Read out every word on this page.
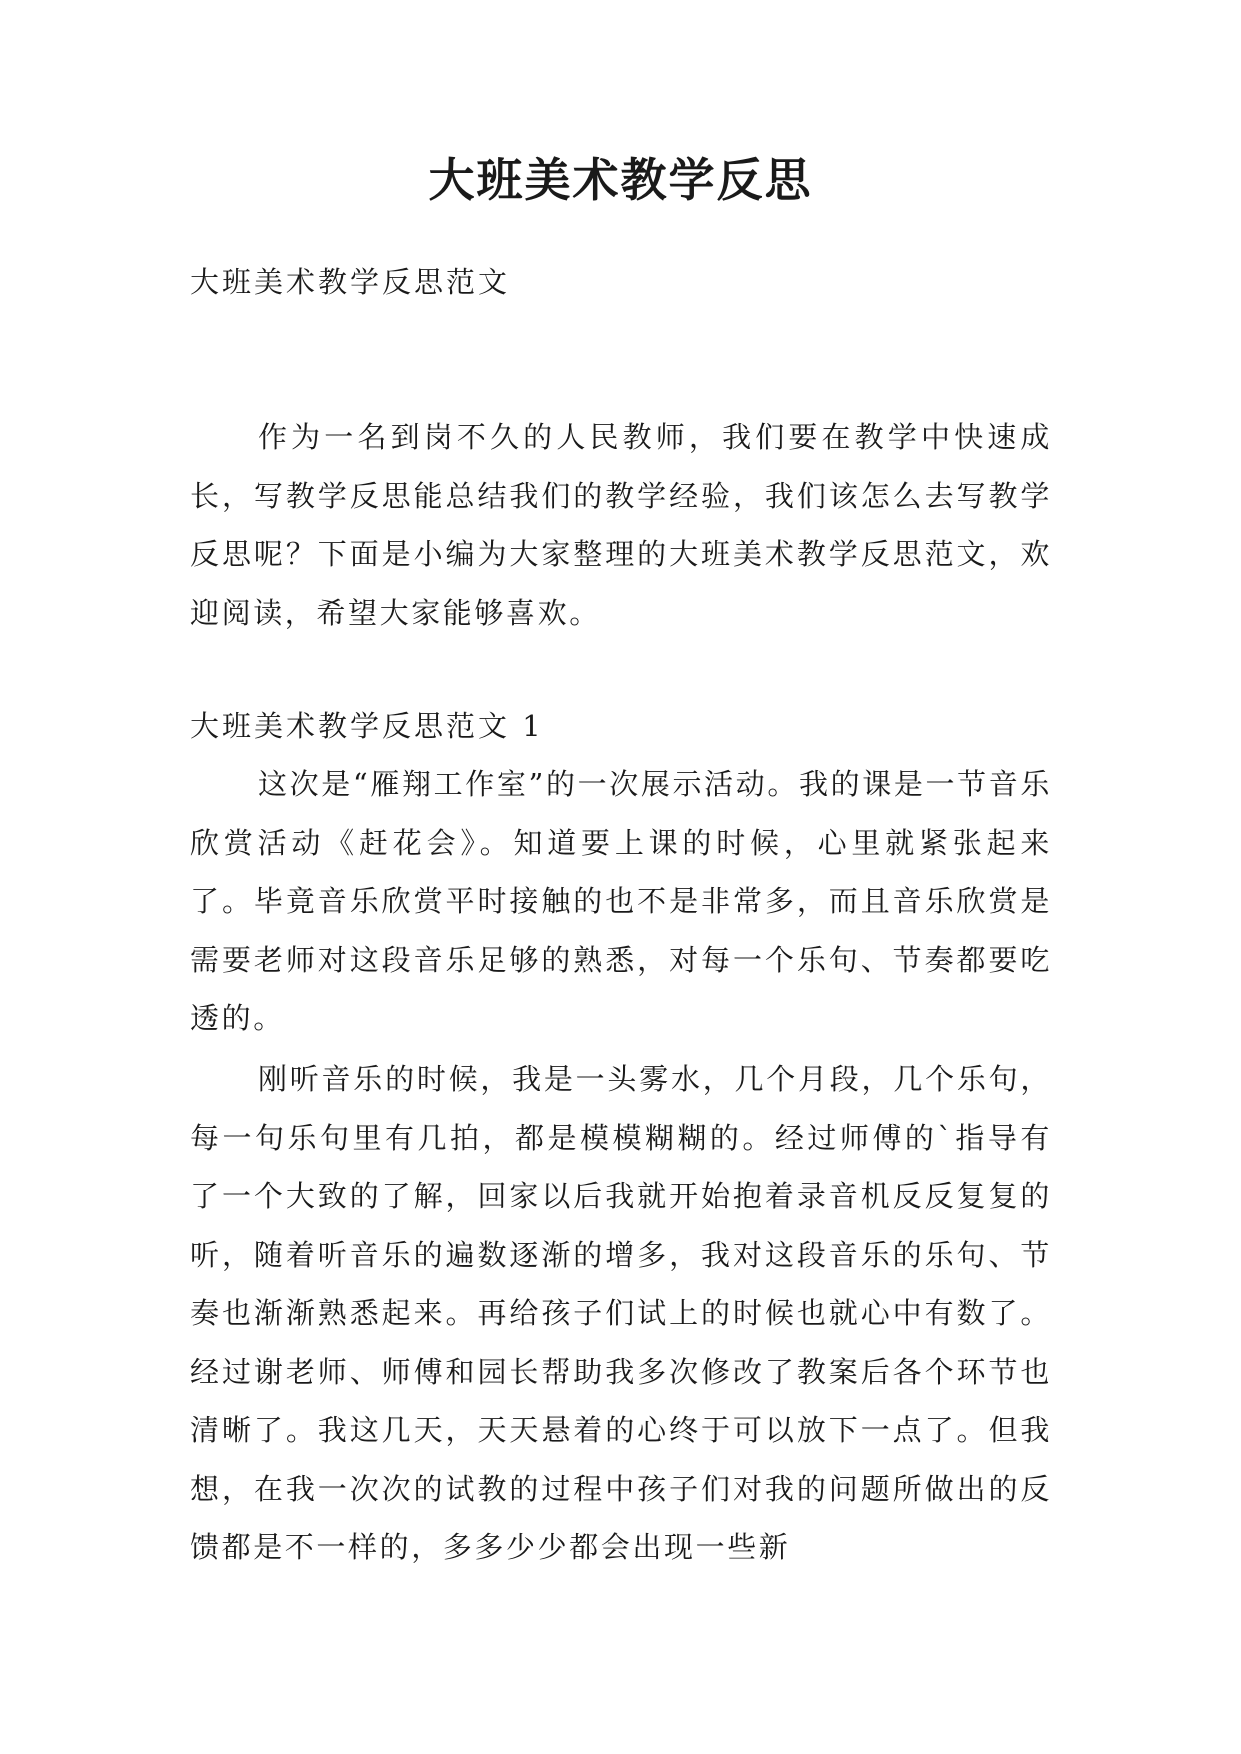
大班美术教学反思

大班美术教学反思范文

作为一名到岗不久的人民教师，我们要在教学中快速成长，写教学反思能总结我们的教学经验，我们该怎么去写教学反思呢？下面是小编为大家整理的大班美术教学反思范文，欢迎阅读，希望大家能够喜欢。

大班美术教学反思范文 1

这次是“雁翔工作室”的一次展示活动。我的课是一节音乐欣赏活动《赶花会》。知道要上课的时候，心里就紧张起来了。毕竟音乐欣赏平时接触的也不是非常多，而且音乐欣赏是需要老师对这段音乐足够的熟悉，对每一个乐句、节奏都要吃透的。

刚听音乐的时候，我是一头雾水，几个月段，几个乐句，每一句乐句里有几拍，都是模模糊糊的。经过师傅的`指导有了一个大致的了解，回家以后我就开始抱着录音机反反复复的听，随着听音乐的遍数逐渐的增多，我对这段音乐的乐句、节奏也渐渐熟悉起来。再给孩子们试上的时候也就心中有数了。经过谢老师、师傅和园长帮助我多次修改了教案后各个环节也清晰了。我这几天，天天悬着的心终于可以放下一点了。但我想，在我一次次的试教的过程中孩子们对我的问题所做出的反馈都是不一样的，多多少少都会出现一些新
